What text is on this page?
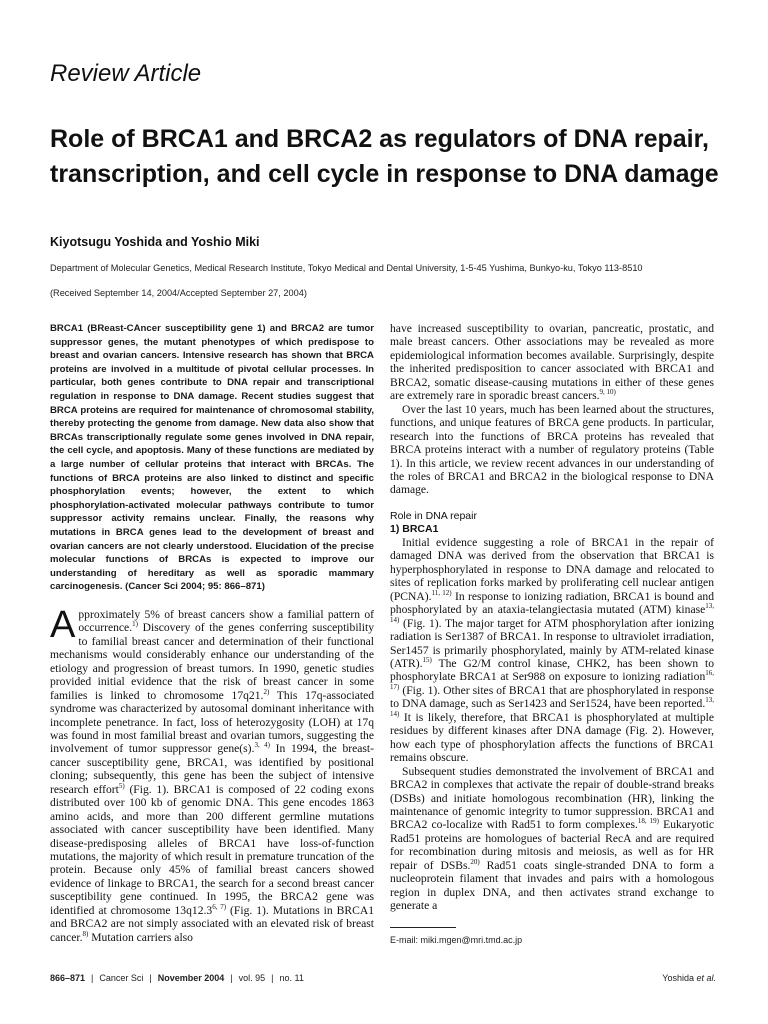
Review Article
Role of BRCA1 and BRCA2 as regulators of DNA repair, transcription, and cell cycle in response to DNA damage
Kiyotsugu Yoshida and Yoshio Miki
Department of Molecular Genetics, Medical Research Institute, Tokyo Medical and Dental University, 1-5-45 Yushima, Bunkyo-ku, Tokyo 113-8510
(Received September 14, 2004/Accepted September 27, 2004)

BRCA1 (BReast-CAncer susceptibility gene 1) and BRCA2 are tumor suppressor genes, the mutant phenotypes of which predispose to breast and ovarian cancers. Intensive research has shown that BRCA proteins are involved in a multitude of pivotal cellular processes. In particular, both genes contribute to DNA repair and transcriptional regulation in response to DNA damage. Recent studies suggest that BRCA proteins are required for maintenance of chromosomal stability, thereby protecting the genome from damage. New data also show that BRCAs transcriptionally regulate some genes involved in DNA repair, the cell cycle, and apoptosis. Many of these functions are mediated by a large number of cellular proteins that interact with BRCAs. The functions of BRCA proteins are also linked to distinct and specific phosphorylation events; however, the extent to which phosphorylation-activated molecular pathways contribute to tumor suppressor activity remains unclear. Finally, the reasons why mutations in BRCA genes lead to the development of breast and ovarian cancers are not clearly understood. Elucidation of the precise molecular functions of BRCAs is expected to improve our understanding of hereditary as well as sporadic mammary carcinogenesis. (Cancer Sci 2004; 95: 866–871)

Approximately 5% of breast cancers show a familial pattern of occurrence.$^{1)}$ Discovery of the genes conferring susceptibility to familial breast cancer and determination of their functional mechanisms would considerably enhance our understanding of the etiology and progression of breast tumors. In 1990, genetic studies provided initial evidence that the risk of breast cancer in some families is linked to chromosome 17q21.$^{2)}$ This 17q-associated syndrome was characterized by autosomal dominant inheritance with incomplete penetrance. In fact, loss of heterozygosity (LOH) at 17q was found in most familial breast and ovarian tumors, suggesting the involvement of tumor suppressor gene(s).$^{3, 4)}$ In 1994, the breast-cancer susceptibility gene, BRCA1, was identified by positional cloning; subsequently, this gene has been the subject of intensive research effort$^{5)}$ (Fig. 1). BRCA1 is composed of 22 coding exons distributed over 100 kb of genomic DNA. This gene encodes 1863 amino acids, and more than 200 different germline mutations associated with cancer susceptibility have been identified. Many disease-predisposing alleles of BRCA1 have loss-of-function mutations, the majority of which result in premature truncation of the protein. Because only 45% of familial breast cancers showed evidence of linkage to BRCA1, the search for a second breast cancer susceptibility gene continued. In 1995, the BRCA2 gene was identified at chromosome 13q12.3$^{6, 7)}$ (Fig. 1). Mutations in BRCA1 and BRCA2 are not simply associated with an elevated risk of breast cancer.$^{8)}$ Mutation carriers also

have increased susceptibility to ovarian, pancreatic, prostatic, and male breast cancers. Other associations may be revealed as more epidemiological information becomes available. Surprisingly, despite the inherited predisposition to cancer associated with BRCA1 and BRCA2, somatic disease-causing mutations in either of these genes are extremely rare in sporadic breast cancers.$^{9, 10)}$

Over the last 10 years, much has been learned about the structures, functions, and unique features of BRCA gene products. In particular, research into the functions of BRCA proteins has revealed that BRCA proteins interact with a number of regulatory proteins (Table 1). In this article, we review recent advances in our understanding of the roles of BRCA1 and BRCA2 in the biological response to DNA damage.

Role in DNA repair

1) BRCA1

Initial evidence suggesting a role of BRCA1 in the repair of damaged DNA was derived from the observation that BRCA1 is hyperphosphorylated in response to DNA damage and relocated to sites of replication forks marked by proliferating cell nuclear antigen (PCNA).$^{11, 12)}$ In response to ionizing radiation, BRCA1 is bound and phosphorylated by an ataxia-telangiectasia mutated (ATM) kinase$^{13, 14)}$ (Fig. 1). The major target for ATM phosphorylation after ionizing radiation is Ser1387 of BRCA1. In response to ultraviolet irradiation, Ser1457 is primarily phosphorylated, mainly by ATM-related kinase (ATR).$^{15)}$ The G2/M control kinase, CHK2, has been shown to phosphorylate BRCA1 at Ser988 on exposure to ionizing radiation$^{16, 17)}$ (Fig. 1). Other sites of BRCA1 that are phosphorylated in response to DNA damage, such as Ser1423 and Ser1524, have been reported.$^{13, 14)}$ It is likely, therefore, that BRCA1 is phosphorylated at multiple residues by different kinases after DNA damage (Fig. 2). However, how each type of phosphorylation affects the functions of BRCA1 remains obscure.

Subsequent studies demonstrated the involvement of BRCA1 and BRCA2 in complexes that activate the repair of double-strand breaks (DSBs) and initiate homologous recombination (HR), linking the maintenance of genomic integrity to tumor suppression. BRCA1 and BRCA2 co-localize with Rad51 to form complexes.$^{18, 19)}$ Eukaryotic Rad51 proteins are homologues of bacterial RecA and are required for recombination during mitosis and meiosis, as well as for HR repair of DSBs.$^{20)}$ Rad51 coats single-stranded DNA to form a nucleoprotein filament that invades and pairs with a homologous region in duplex DNA, and then activates strand exchange to generate a

E-mail: miki.mgen@mri.tmd.ac.jp
866–871 | Cancer Sci | November 2004 | vol. 95 | no. 11	Yoshida et al.
